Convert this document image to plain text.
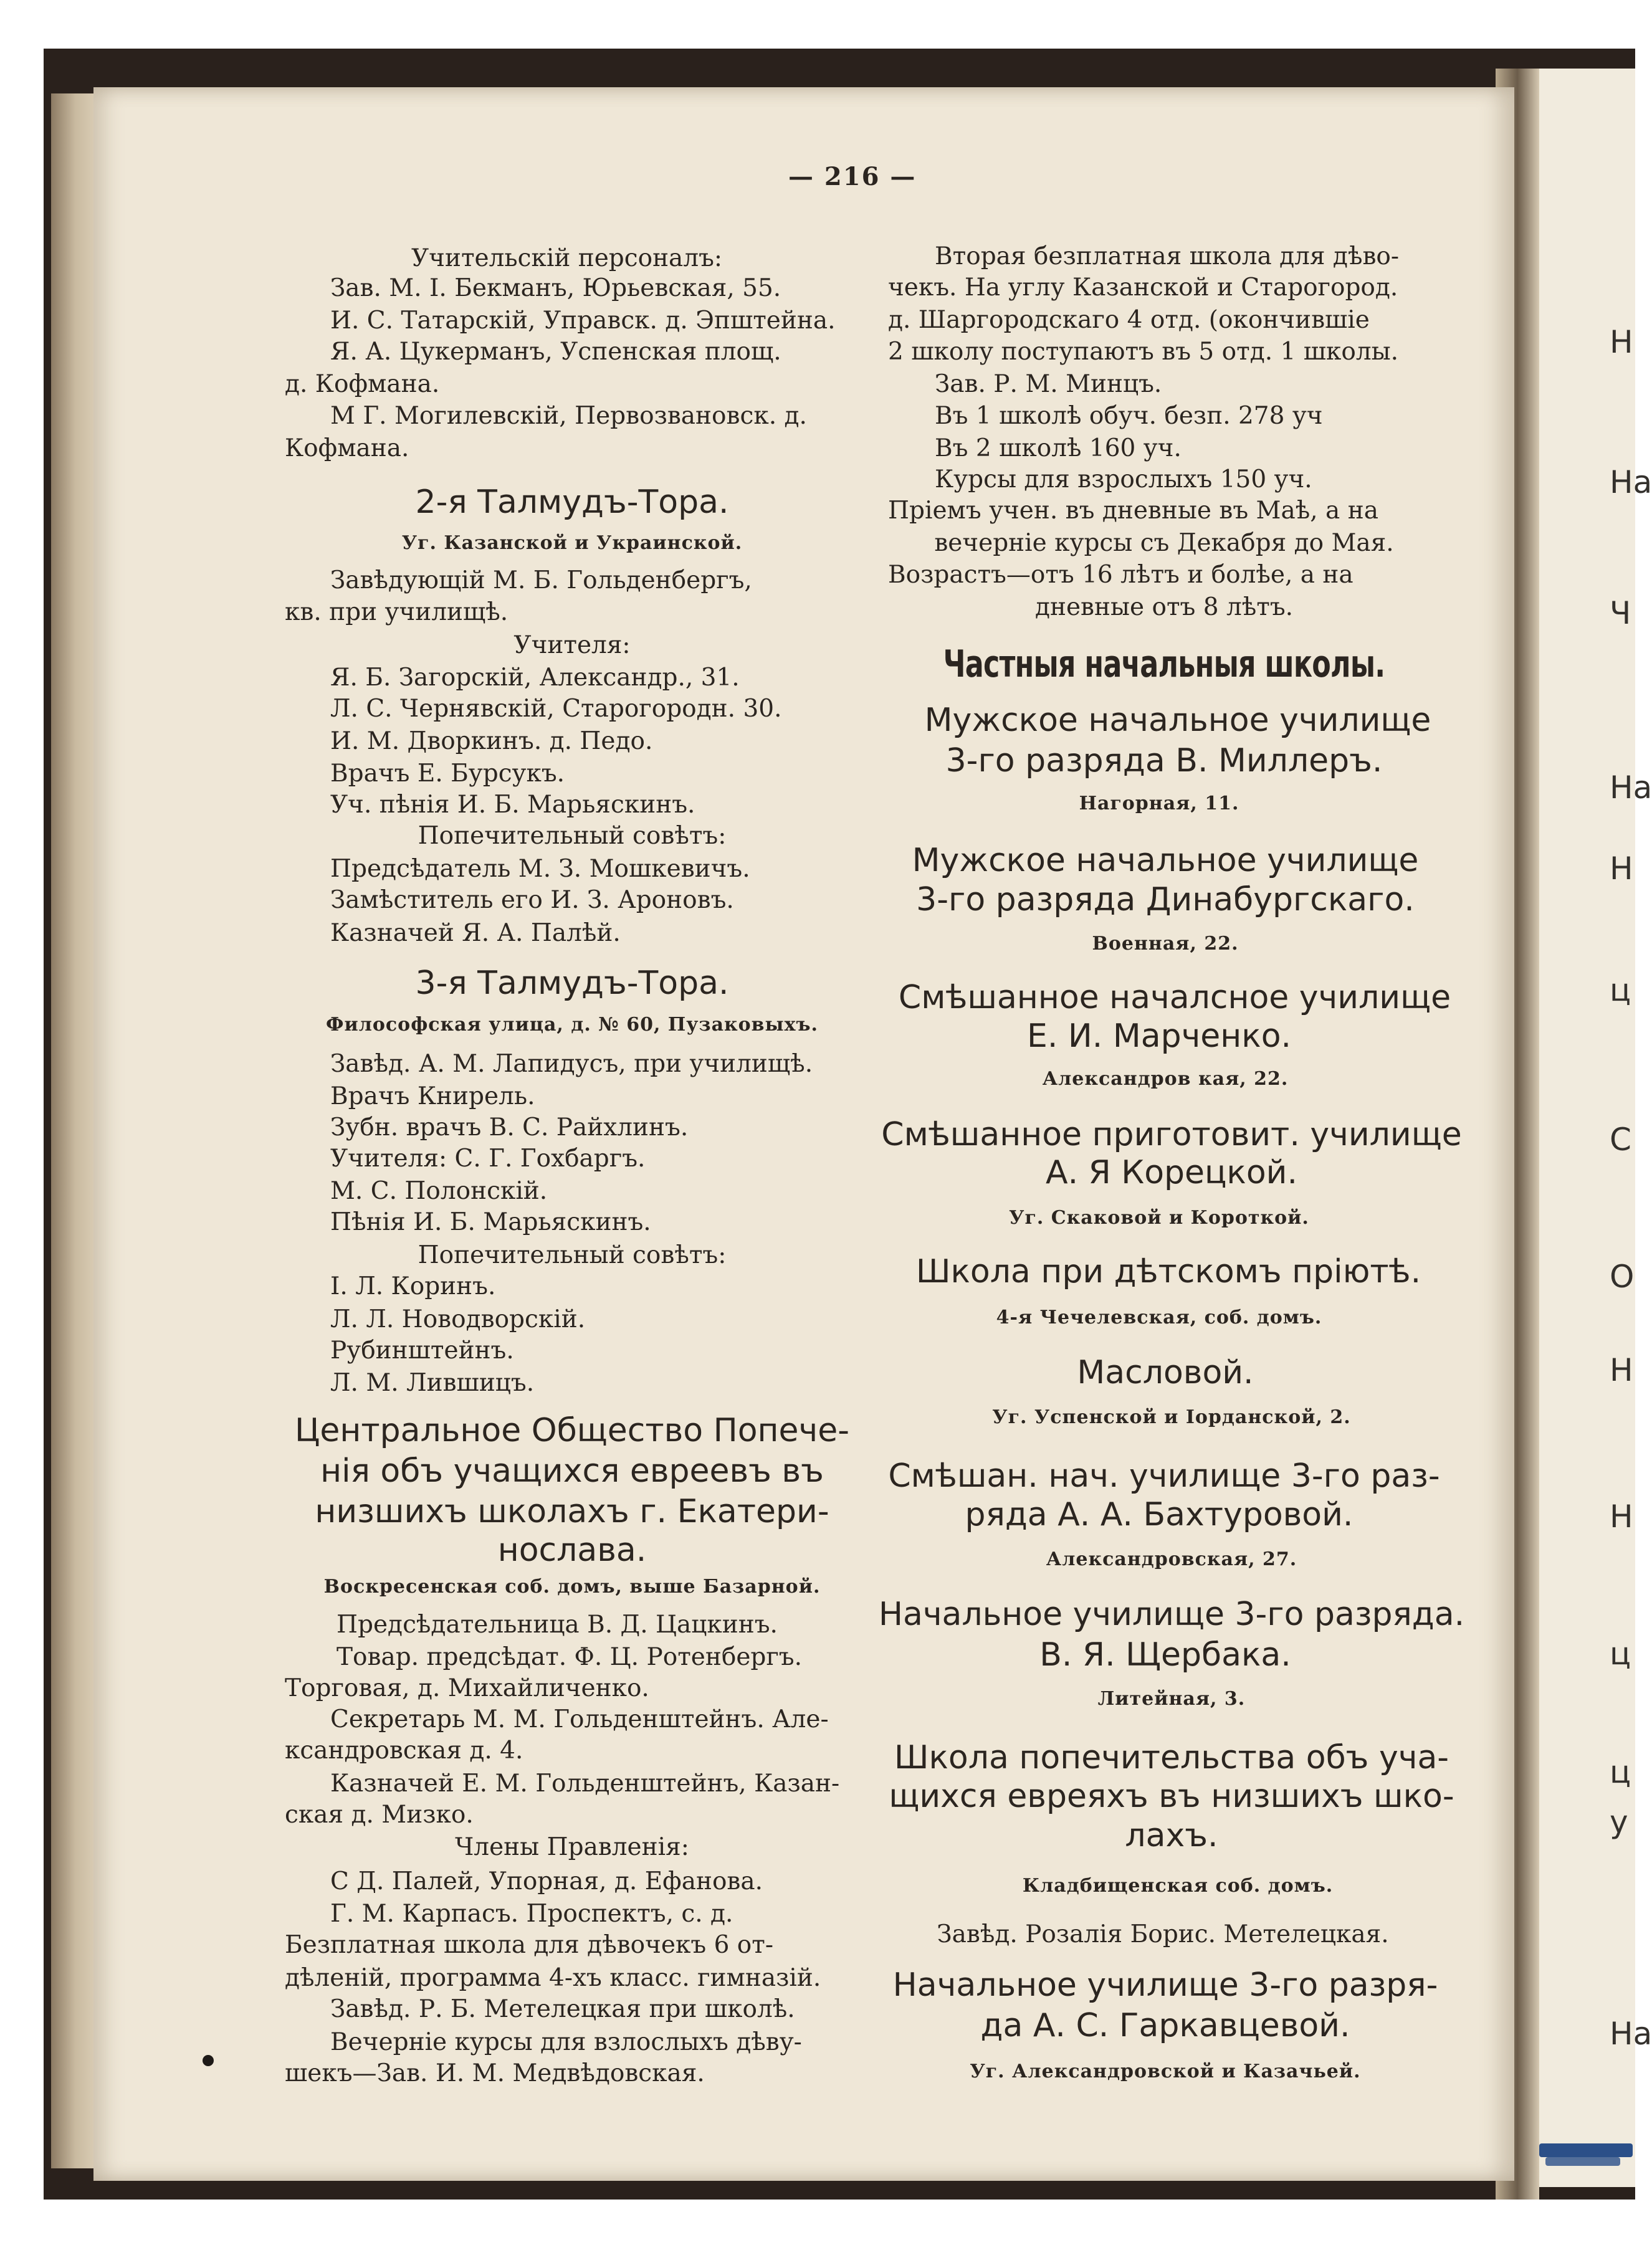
— 216 —
Учительскій персоналъ:
Зав. М. І. Бекманъ, Юрьевская, 55.
И. С. Татарскій, Управск. д. Эпштейна.
Я. А. Цукерманъ, Успенская площ.
д. Кофмана.
М Г. Могилевскій, Первозвановск. д.
Кофмана.
2-я Талмудъ-Тора.
Уг. Казанской и Украинской.
Завѣдующій М. Б. Гольденбергъ,
кв. при училищѣ.
Учителя:
Я. Б. Загорскій, Александр., 31.
Л. С. Чернявскій, Старогородн. 30.
И. М. Дворкинъ. д. Педо.
Врачъ Е. Бурсукъ.
Уч. пѣнія И. Б. Марьяскинъ.
Попечительный совѣтъ:
Предсѣдатель М. З. Мошкевичъ.
Замѣститель его И. З. Ароновъ.
Казначей Я. А. Палѣй.
3-я Талмудъ-Тора.
Философская улица, д. № 60, Пузаковыхъ.
Завѣд. А. М. Лапидусъ, при училищѣ.
Врачъ Книрель.
Зубн. врачъ В. С. Райхлинъ.
Учителя: С. Г. Гохбаргъ.
М. С. Полонскій.
Пѣнія И. Б. Марьяскинъ.
Попечительный совѣтъ:
І. Л. Коринъ.
Л. Л. Новодворскій.
Рубинштейнъ.
Л. М. Лившицъ.
Центральное Общество Попече-
нія объ учащихся евреевъ въ
низшихъ школахъ г. Екатери-
нослава.
Воскресенская соб. домъ, выше Базарной.
Предсѣдательница В. Д. Цацкинъ.
Товар. предсѣдат. Ф. Ц. Ротенбергъ.
Торговая, д. Михайличенко.
Секретарь М. М. Гольденштейнъ. Але-
ксандровская д. 4.
Казначей Е. М. Гольденштейнъ, Казан-
ская д. Мизко.
Члены Правленія:
С Д. Палей, Упорная, д. Ефанова.
Г. М. Карпасъ. Проспектъ, с. д.
Безплатная школа для дѣвочекъ 6 от-
дѣленій, программа 4-хъ класс. гимназій.
Завѣд. Р. Б. Метелецкая при школѣ.
Вечерніе курсы для взлослыхъ дѣву-
шекъ—Зав. И. М. Медвѣдовская.
Вторая безплатная школа для дѣво-
чекъ. На углу Казанской и Старогород.
д. Шаргородскаго 4 отд. (окончившіе
2 школу поступаютъ въ 5 отд. 1 школы.
Зав. Р. М. Минцъ.
Въ 1 школѣ обуч. безп. 278 уч
Въ 2 школѣ 160 уч.
Курсы для взрослыхъ 150 уч.
Пріемъ учен. въ дневные въ Маѣ, а на
вечерніе курсы съ Декабря до Мая.
Возрастъ—отъ 16 лѣтъ и болѣе, а на
дневные отъ 8 лѣтъ.
Частныя начальныя школы.
Мужское начальное училище
3-го разряда В. Миллеръ.
Нагорная, 11.
Мужское начальное училище
3-го разряда Динабургскаго.
Военная, 22.
Смѣшанное началсное училище
Е. И. Марченко.
Александров кая, 22.
Смѣшанное приготовит. училище
А. Я Корецкой.
Уг. Скаковой и Короткой.
Школа при дѣтскомъ пріютѣ.
4-я Чечелевская, соб. домъ.
Масловой.
Уг. Успенской и Іорданской, 2.
Смѣшан. нач. училище 3-го раз-
ряда А. А. Бахтуровой.
Александровская, 27.
Начальное училище 3-го разряда.
В. Я. Щербака.
Литейная, 3.
Школа попечительства объ уча-
щихся евреяхъ въ низшихъ шко-
лахъ.
Кладбищенская соб. домъ.
Завѣд. Розалія Борис. Метелецкая.
Начальное училище 3-го разря-
да А. С. Гаркавцевой.
Уг. Александровской и Казачьей.
Н
На
Ч
На
Н
ц
С
О
Н
Н
ц
ц
у
На
